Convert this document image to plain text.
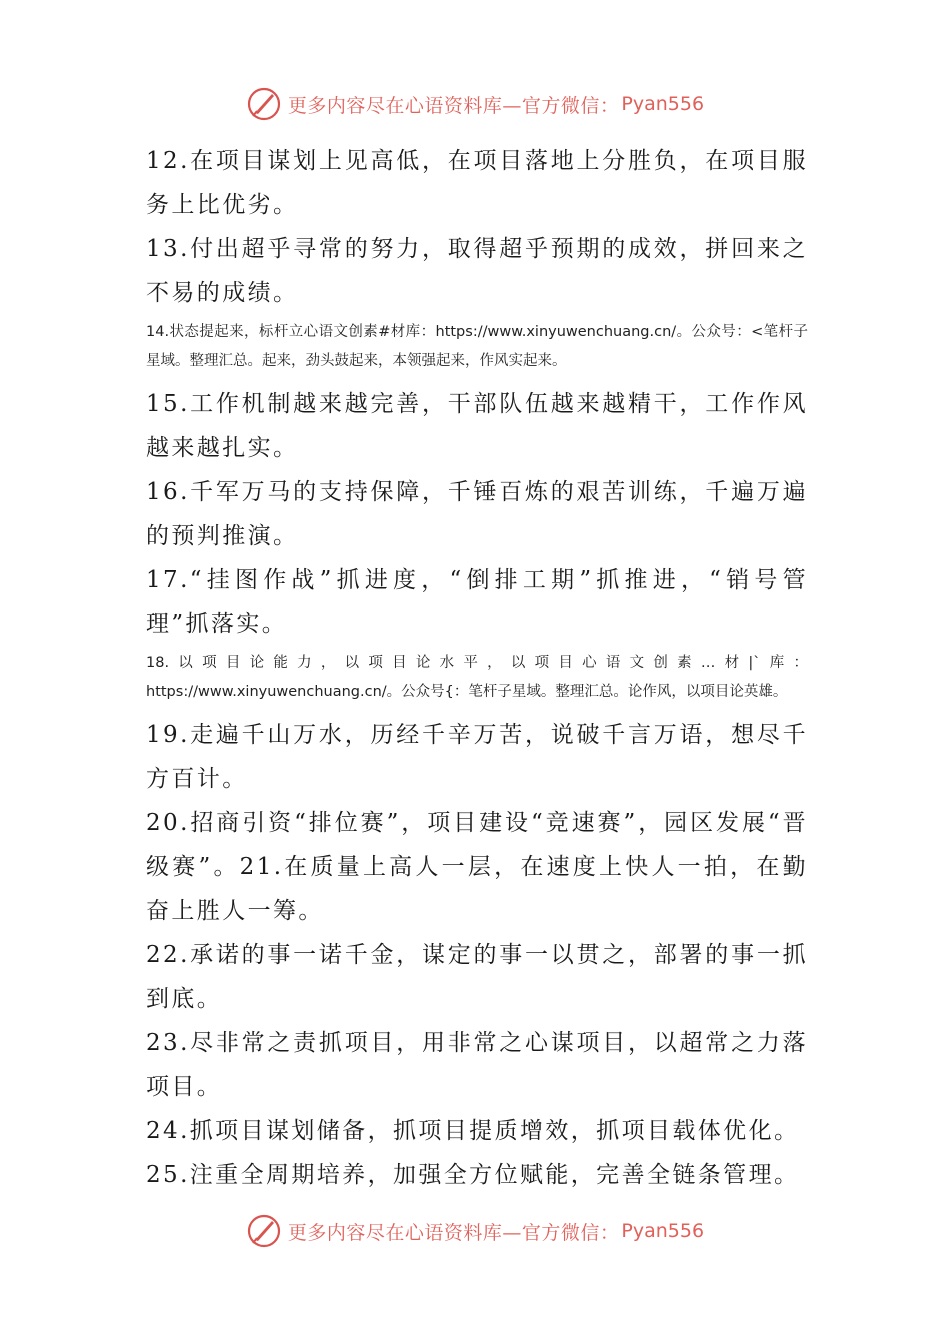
更多内容尽在心语资料库—官方微信： Pyan556

12.在项目谋划上见高低，在项目落地上分胜负，在项目服务上比优劣。

13.付出超乎寻常的努力，取得超乎预期的成效，拼回来之不易的成绩。

14.状态提起来，标杆立心语文创素#材库：https://www.xinyuwenchuang.cn/。公众号：<笔杆子星域。整理汇总。起来，劲头鼓起来，本领强起来，作风实起来。

15.工作机制越来越完善，干部队伍越来越精干，工作作风越来越扎实。

16.千军万马的支持保障，千锤百炼的艰苦训练，千遍万遍的预判推演。

17.“挂图作战”抓进度，“倒排工期”抓推进，“销号管理”抓落实。

18.以项目论能力，以项目论水平，以项目心语文创素…材|`库：https://www.xinyuwenchuang.cn/。公众号{：笔杆子星域。整理汇总。论作风，以项目论英雄。

19.走遍千山万水，历经千辛万苦，说破千言万语，想尽千方百计。

20.招商引资“排位赛”，项目建设“竞速赛”，园区发展“晋级赛”。21.在质量上高人一层，在速度上快人一拍，在勤奋上胜人一筹。

22.承诺的事一诺千金，谋定的事一以贯之，部署的事一抓到底。

23.尽非常之责抓项目，用非常之心谋项目，以超常之力落项目。

24.抓项目谋划储备，抓项目提质增效，抓项目载体优化。

25.注重全周期培养，加强全方位赋能，完善全链条管理。

更多内容尽在心语资料库—官方微信： Pyan556
